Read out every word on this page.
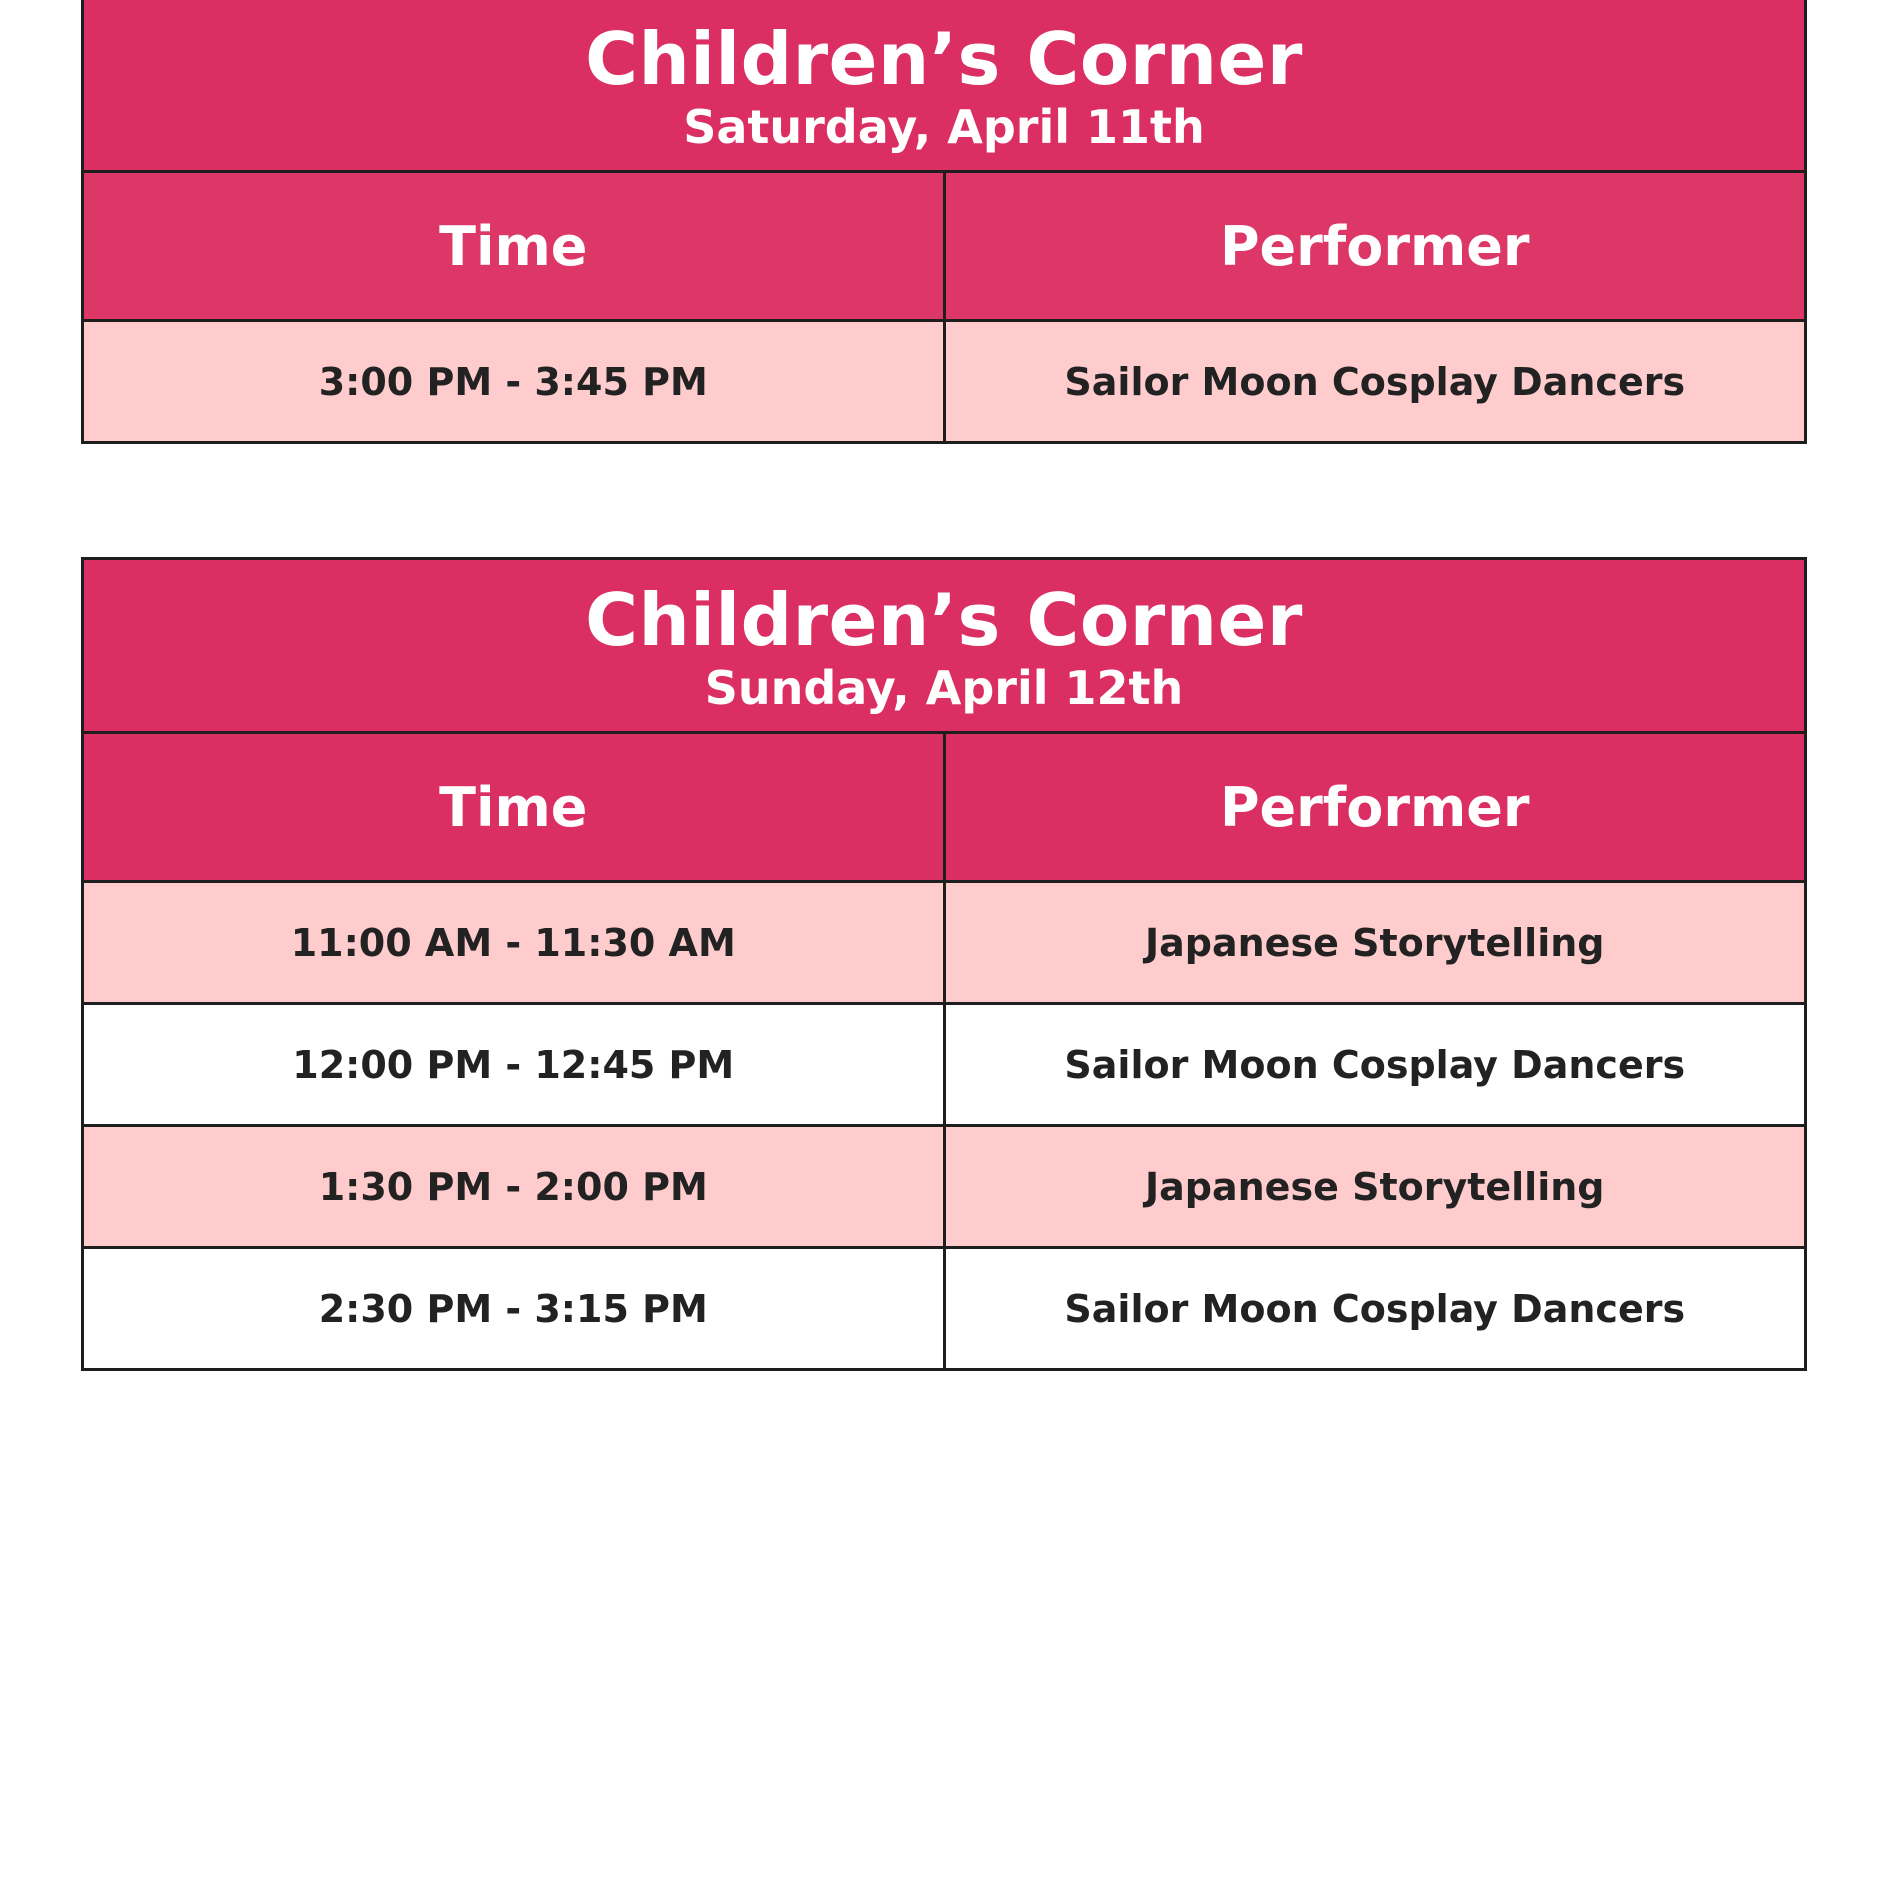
Children’s Corner
Saturday, April 11th	

Time	Performer
3:00 PM - 3:45 PM	Sailor Moon Cosplay Dancers
Children’s Corner
Sunday, April 12th	

Time	Performer
11:00 AM - 11:30 AM	Japanese Storytelling
12:00 PM - 12:45 PM	Sailor Moon Cosplay Dancers
1:30 PM - 2:00 PM	Japanese Storytelling
2:30 PM - 3:15 PM	Sailor Moon Cosplay Dancers
